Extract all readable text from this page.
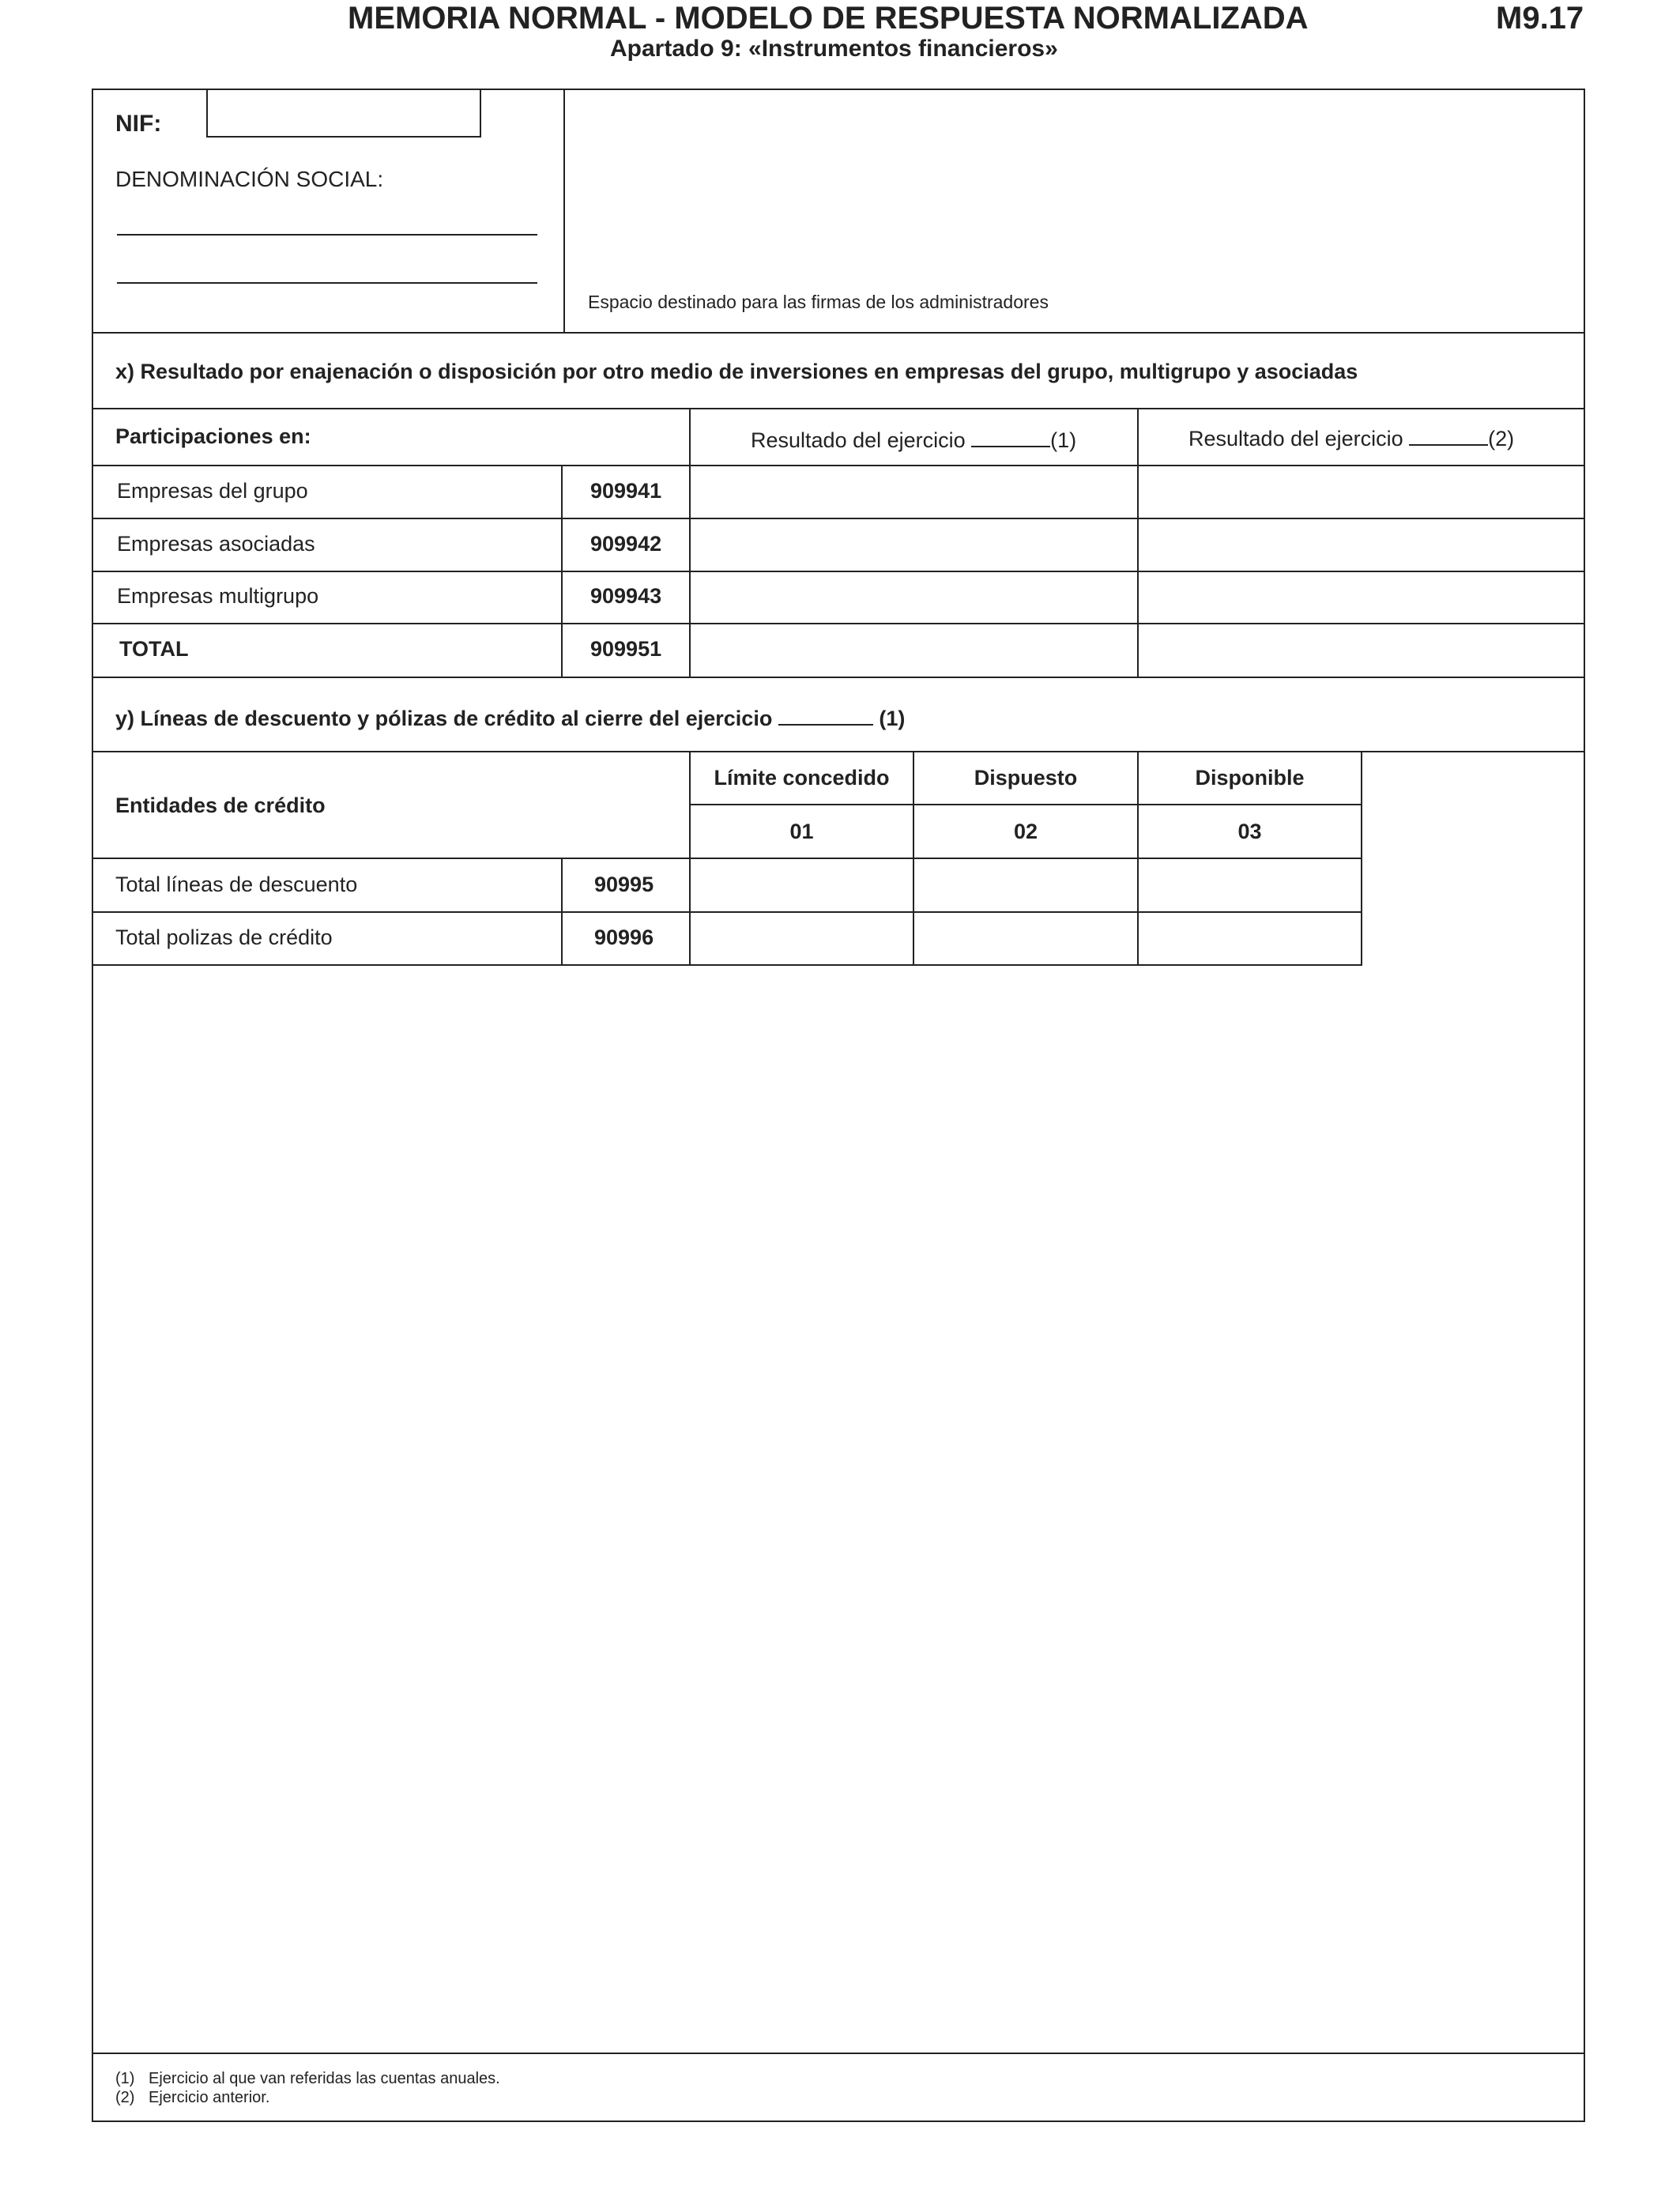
MEMORIA NORMAL - MODELO DE RESPUESTA NORMALIZADA	M9.17
Apartado 9: «Instrumentos financieros»
NIF:
DENOMINACIÓN SOCIAL:
Espacio destinado para las firmas de los administradores
x) Resultado por enajenación o disposición por otro medio de inversiones en empresas del grupo, multigrupo y asociadas
Participaciones en:	Resultado del ejercicio	(1)	Resultado del ejercicio	(2)
Empresas del grupo	909941
Empresas asociadas	909942
Empresas multigrupo	909943
TOTAL	909951
y) Líneas de descuento y pólizas de crédito al cierre del ejercicio	(1)
Entidades de crédito
Límite concedido	Dispuesto	Disponible
01	02	03
Total líneas de descuento	90995
Total polizas de crédito	90996
(1) Ejercicio al que van referidas las cuentas anuales.
(2) Ejercicio anterior.
